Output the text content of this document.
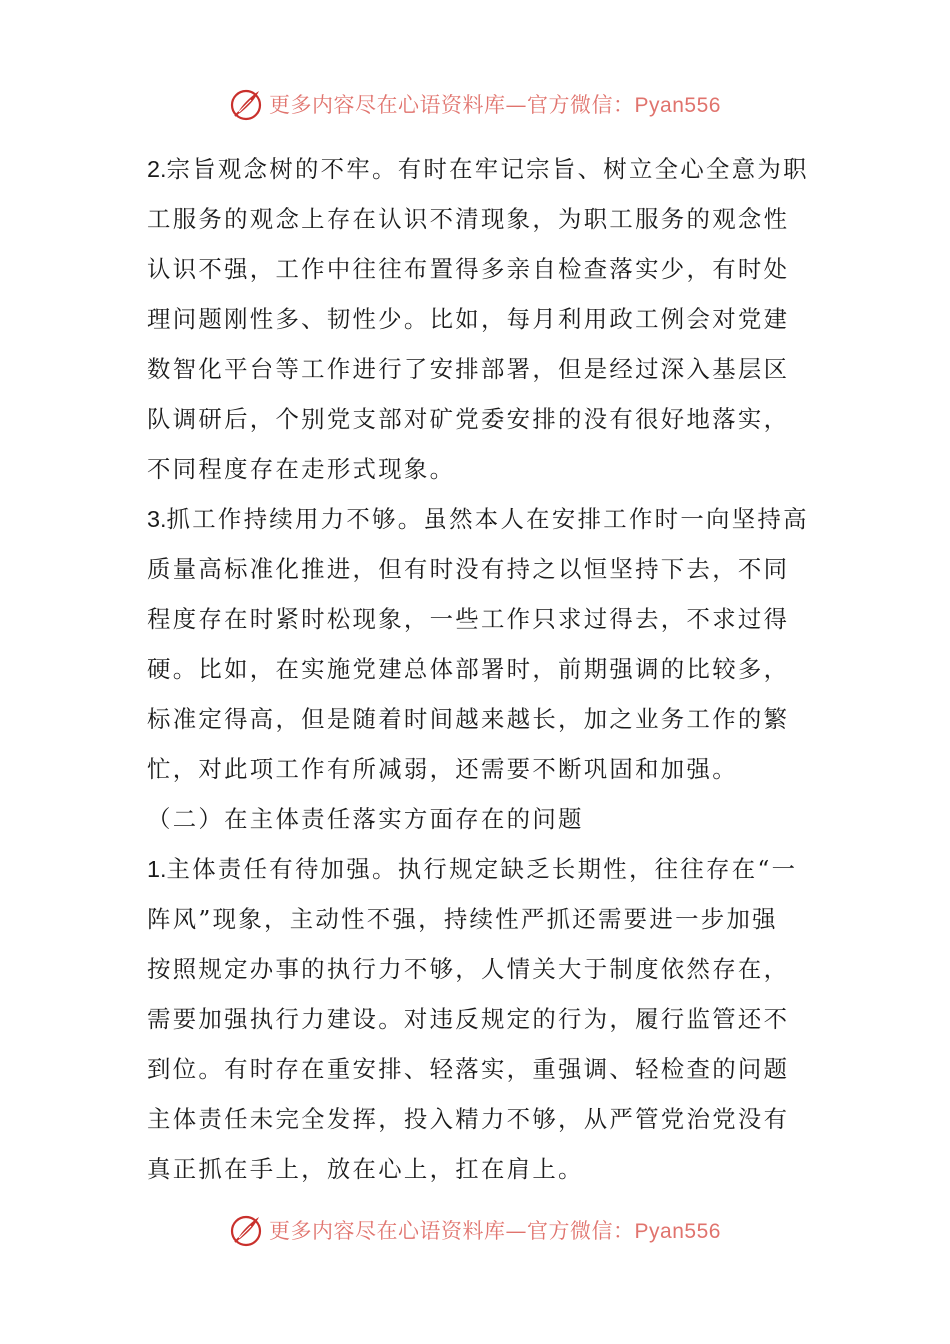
更多内容尽在心语资料库—官方微信：Pyan556
2.宗旨观念树的不牢。有时在牢记宗旨、树立全心全意为职
工服务的观念上存在认识不清现象，为职工服务的观念性
认识不强，工作中往往布置得多亲自检查落实少，有时处
理问题刚性多、韧性少。比如，每月利用政工例会对党建
数智化平台等工作进行了安排部署，但是经过深入基层区
队调研后，个别党支部对矿党委安排的没有很好地落实，
不同程度存在走形式现象。
3.抓工作持续用力不够。虽然本人在安排工作时一向坚持高
质量高标准化推进，但有时没有持之以恒坚持下去，不同
程度存在时紧时松现象，一些工作只求过得去，不求过得
硬。比如，在实施党建总体部署时，前期强调的比较多，
标准定得高，但是随着时间越来越长，加之业务工作的繁
忙，对此项工作有所减弱，还需要不断巩固和加强。
（二）在主体责任落实方面存在的问题
1.主体责任有待加强。执行规定缺乏长期性，往往存在“一
阵风”现象，主动性不强，持续性严抓还需要进一步加强
按照规定办事的执行力不够，人情关大于制度依然存在，
需要加强执行力建设。对违反规定的行为，履行监管还不
到位。有时存在重安排、轻落实，重强调、轻检查的问题
主体责任未完全发挥，投入精力不够，从严管党治党没有
真正抓在手上，放在心上，扛在肩上。
更多内容尽在心语资料库—官方微信：Pyan556
